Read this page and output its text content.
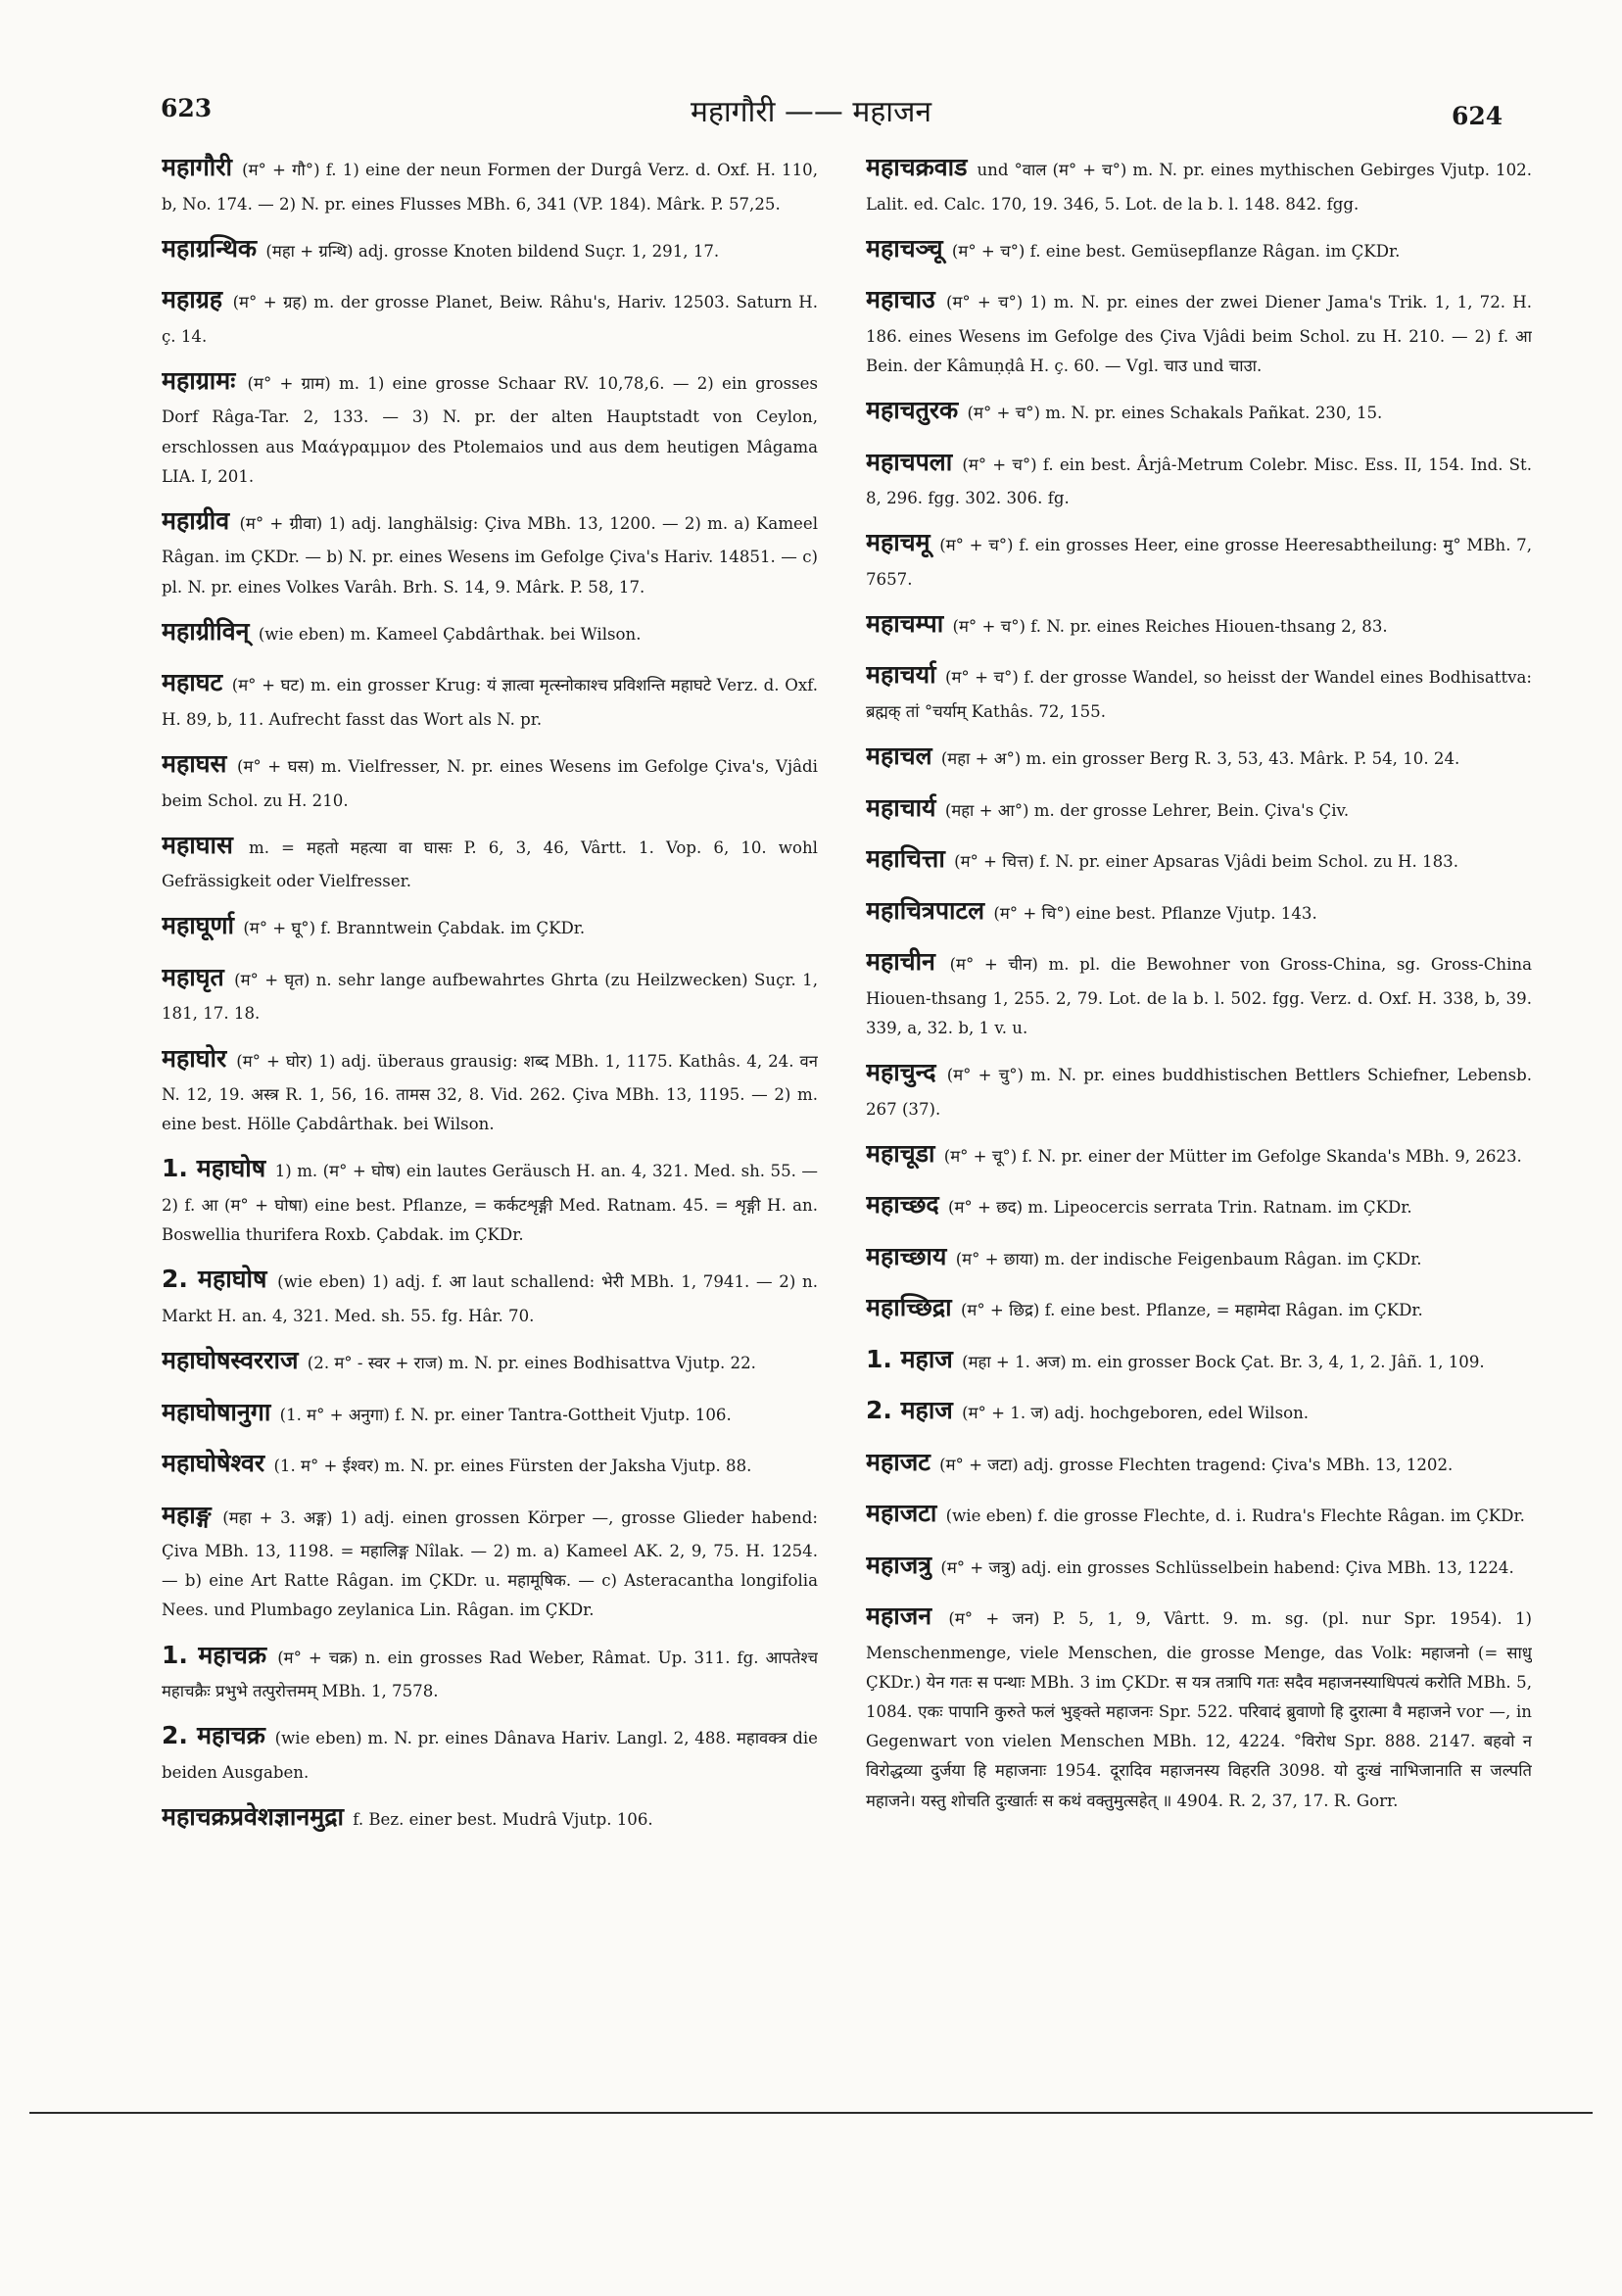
623	महागौरी —— महाजन	624

महागौरी (म° + गौ°) f. 1) eine der neun Formen der Durgâ Verz. d. Oxf. H. 110, b, No. 174. — 2) N. pr. eines Flusses MBh. 6, 341 (VP. 184). Mârk. P. 57,25.

महाग्रन्थिक (महा + ग्रन्थि) adj. grosse Knoten bildend Suçr. 1, 291, 17.

महाग्रह (म° + ग्रह) m. der grosse Planet, Beiw. Râhu's, Hariv. 12503. Saturn H. ç. 14.

महाग्रामः (म° + ग्राम) m. 1) eine grosse Schaar RV. 10,78,6. — 2) ein grosses Dorf Râga-Tar. 2, 133. — 3) N. pr. der alten Hauptstadt von Ceylon, erschlossen aus Μαάγραμμον des Ptolemaios und aus dem heutigen Mâgama LIA. I, 201.

महाग्रीव (म° + ग्रीवा) 1) adj. langhälsig: Çiva MBh. 13, 1200. — 2) m. a) Kameel Râgan. im ÇKDr. — b) N. pr. eines Wesens im Gefolge Çiva's Hariv. 14851. — c) pl. N. pr. eines Volkes Varâh. Brh. S. 14, 9. Mârk. P. 58, 17.

महाग्रीविन् (wie eben) m. Kameel Çabdârthak. bei Wilson.

महाघट (म° + घट) m. ein grosser Krug: यं ज्ञात्वा मृत्स्नोकाश्च प्रविशन्ति महाघटे Verz. d. Oxf. H. 89, b, 11. Aufrecht fasst das Wort als N. pr.

महाघस (म° + घस) m. Vielfresser, N. pr. eines Wesens im Gefolge Çiva's, Vjâdi beim Schol. zu H. 210.

महाघास m. = महतो महत्या वा घासः P. 6, 3, 46, Vârtt. 1. Vop. 6, 10. wohl Gefrässigkeit oder Vielfresser.

महाघूर्णा (म° + घू°) f. Branntwein Çabdak. im ÇKDr.

महाघृत (म° + घृत) n. sehr lange aufbewahrtes Ghrta (zu Heilzwecken) Suçr. 1, 181, 17. 18.

महाघोर (म° + घोर) 1) adj. überaus grausig: शब्द MBh. 1, 1175. Kathâs. 4, 24. वन N. 12, 19. अस्त्र R. 1, 56, 16. तामस 32, 8. Vid. 262. Çiva MBh. 13, 1195. — 2) m. eine best. Hölle Çabdârthak. bei Wilson.

1. महाघोष 1) m. (म° + घोष) ein lautes Geräusch H. an. 4, 321. Med. sh. 55. — 2) f. आ (म° + घोषा) eine best. Pflanze, = कर्कटशृङ्गी Med. Ratnam. 45. = शृङ्गी H. an. Boswellia thurifera Roxb. Çabdak. im ÇKDr.

2. महाघोष (wie eben) 1) adj. f. आ laut schallend: भेरी MBh. 1, 7941. — 2) n. Markt H. an. 4, 321. Med. sh. 55. fg. Hâr. 70.

महाघोषस्वरराज (2. म° - स्वर + राज) m. N. pr. eines Bodhisattva Vjutp. 22.

महाघोषानुगा (1. म° + अनुगा) f. N. pr. einer Tantra-Gottheit Vjutp. 106.

महाघोषेश्वर (1. म° + ईश्वर) m. N. pr. eines Fürsten der Jaksha Vjutp. 88.

महाङ्ग (महा + 3. अङ्ग) 1) adj. einen grossen Körper —, grosse Glieder habend: Çiva MBh. 13, 1198. = महालिङ्ग Nîlak. — 2) m. a) Kameel AK. 2, 9, 75. H. 1254. — b) eine Art Ratte Râgan. im ÇKDr. u. महामूषिक. — c) Asteracantha longifolia Nees. und Plumbago zeylanica Lin. Râgan. im ÇKDr.

1. महाचक्र (म° + चक्र) n. ein grosses Rad Weber, Râmat. Up. 311. fg. आपतेश्च महाचक्रैः प्रभुभे तत्पुरोत्तमम् MBh. 1, 7578.

2. महाचक्र (wie eben) m. N. pr. eines Dânava Hariv. Langl. 2, 488. महावक्त्र die beiden Ausgaben.

महाचक्रप्रवेशज्ञानमुद्रा f. Bez. einer best. Mudrâ Vjutp. 106.

महाचक्रवाड und °वाल (म° + च°) m. N. pr. eines mythischen Gebirges Vjutp. 102. Lalit. ed. Calc. 170, 19. 346, 5. Lot. de la b. l. 148. 842. fgg.

महाचञ्चू (म° + च°) f. eine best. Gemüsepflanze Râgan. im ÇKDr.

महाचाउ (म° + च°) 1) m. N. pr. eines der zwei Diener Jama's Trik. 1, 1, 72. H. 186. eines Wesens im Gefolge des Çiva Vjâdi beim Schol. zu H. 210. — 2) f. आ Bein. der Kâmuṇḍâ H. ç. 60. — Vgl. चाउ und चाउा.

महाचतुरक (म° + च°) m. N. pr. eines Schakals Pañkat. 230, 15.

महाचपला (म° + च°) f. ein best. Ârjâ-Metrum Colebr. Misc. Ess. II, 154. Ind. St. 8, 296. fgg. 302. 306. fg.

महाचमू (म° + च°) f. ein grosses Heer, eine grosse Heeresabtheilung: मु° MBh. 7, 7657.

महाचम्पा (म° + च°) f. N. pr. eines Reiches Hiouen-thsang 2, 83.

महाचर्या (म° + च°) f. der grosse Wandel, so heisst der Wandel eines Bodhisattva: ब्रह्मक् तां °चर्याम् Kathâs. 72, 155.

महाचल (महा + अ°) m. ein grosser Berg R. 3, 53, 43. Mârk. P. 54, 10. 24.

महाचार्य (महा + आ°) m. der grosse Lehrer, Bein. Çiva's Çiv.

महाचित्ता (म° + चित्त) f. N. pr. einer Apsaras Vjâdi beim Schol. zu H. 183.

महाचित्रपाटल (म° + चि°) eine best. Pflanze Vjutp. 143.

महाचीन (म° + चीन) m. pl. die Bewohner von Gross-China, sg. Gross-China Hiouen-thsang 1, 255. 2, 79. Lot. de la b. l. 502. fgg. Verz. d. Oxf. H. 338, b, 39. 339, a, 32. b, 1 v. u.

महाचुन्द (म° + चु°) m. N. pr. eines buddhistischen Bettlers Schiefner, Lebensb. 267 (37).

महाचूडा (म° + चू°) f. N. pr. einer der Mütter im Gefolge Skanda's MBh. 9, 2623.

महाच्छद (म° + छद) m. Lipeocercis serrata Trin. Ratnam. im ÇKDr.

महाच्छाय (म° + छाया) m. der indische Feigenbaum Râgan. im ÇKDr.

महाच्छिद्रा (म° + छिद्र) f. eine best. Pflanze, = महामेदा Râgan. im ÇKDr.

1. महाज (महा + 1. अज) m. ein grosser Bock Çat. Br. 3, 4, 1, 2. Jâñ. 1, 109.

2. महाज (म° + 1. ज) adj. hochgeboren, edel Wilson.

महाजट (म° + जटा) adj. grosse Flechten tragend: Çiva's MBh. 13, 1202.

महाजटा (wie eben) f. die grosse Flechte, d. i. Rudra's Flechte Râgan. im ÇKDr.

महाजत्रु (म° + जत्रु) adj. ein grosses Schlüsselbein habend: Çiva MBh. 13, 1224.

महाजन (म° + जन) P. 5, 1, 9, Vârtt. 9. m. sg. (pl. nur Spr. 1954). 1) Menschenmenge, viele Menschen, die grosse Menge, das Volk: महाजनो (= साधु ÇKDr.) येन गतः स पन्थाः MBh. 3 im ÇKDr. स यत्र तत्रापि गतः सदैव महाजनस्याधिपत्यं करोति MBh. 5, 1084. एकः पापानि कुरुते फलं भुङ्क्ते महाजनः Spr. 522. परिवादं ब्रुवाणो हि दुरात्मा वै महाजने vor —, in Gegenwart von vielen Menschen MBh. 12, 4224. °विरोध Spr. 888. 2147. बहवो न विरोद्धव्या दुर्जया हि महाजनाः 1954. दूरादिव महाजनस्य विहरति 3098. यो दुःखं नाभिजानाति स जल्पति महाजने। यस्तु शोचति दुःखार्तः स कथं वक्तुमुत्सहेत् ॥ 4904. R. 2, 37, 17. R. Gorr.
